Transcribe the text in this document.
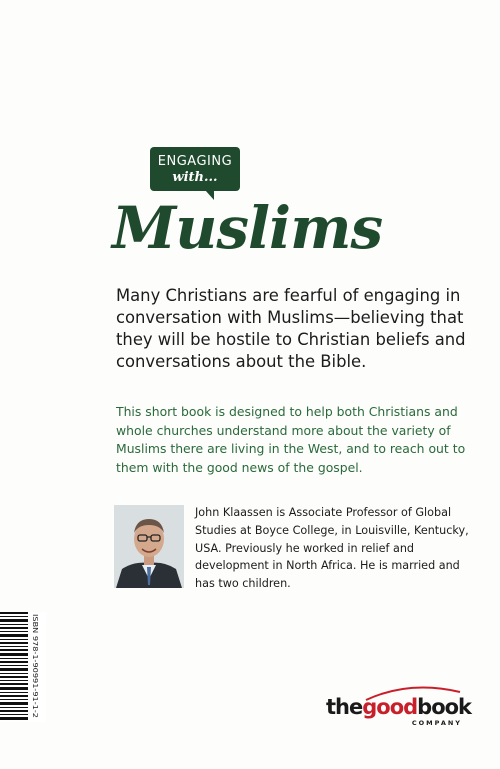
ENGAGING
with...
Muslims
Many Christians are fearful of engaging in conversation with Muslims—believing that they will be hostile to Christian beliefs and conversations about the Bible.
This short book is designed to help both Christians and whole churches understand more about the variety of Muslims there are living in the West, and to reach out to them with the good news of the gospel.
John Klaassen is Associate Professor of Global Studies at Boyce College, in Louisville, Kentucky, USA. Previously he worked in relief and development in North Africa. He is married and has two children.
ISBN 978-1-90991-91-1-2
thegoodbook
COMPANY
